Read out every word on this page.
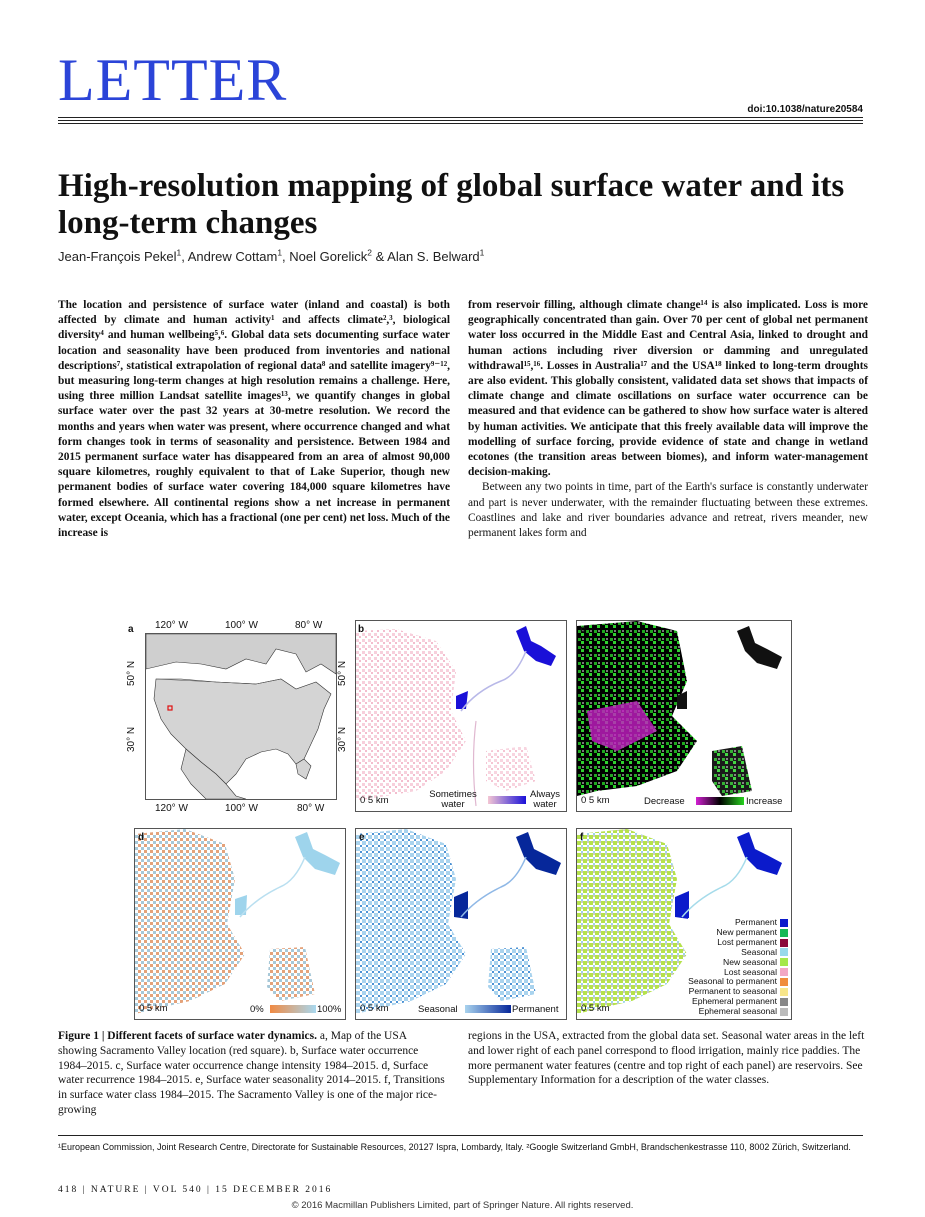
LETTER	doi:10.1038/nature20584
High-resolution mapping of global surface water and its long-term changes
Jean-François Pekel$^1$, Andrew Cottam$^1$, Noel Gorelick$^2$ & Alan S. Belward$^1$

The location and persistence of surface water (inland and coastal) is both affected by climate and human activity¹ and affects climate²,³, biological diversity⁴ and human wellbeing⁵,⁶. Global data sets documenting surface water location and seasonality have been produced from inventories and national descriptions⁷, statistical extrapolation of regional data⁸ and satellite imagery⁹⁻¹², but measuring long-term changes at high resolution remains a challenge. Here, using three million Landsat satellite images¹³, we quantify changes in global surface water over the past 32 years at 30-metre resolution. We record the months and years when water was present, where occurrence changed and what form changes took in terms of seasonality and persistence. Between 1984 and 2015 permanent surface water has disappeared from an area of almost 90,000 square kilometres, roughly equivalent to that of Lake Superior, though new permanent bodies of surface water covering 184,000 square kilometres have formed elsewhere. All continental regions show a net increase in permanent water, except Oceania, which has a fractional (one per cent) net loss. Much of the increase is

from reservoir filling, although climate change¹⁴ is also implicated. Loss is more geographically concentrated than gain. Over 70 per cent of global net permanent water loss occurred in the Middle East and Central Asia, linked to drought and human actions including river diversion or damming and unregulated withdrawal¹⁵,¹⁶. Losses in Australia¹⁷ and the USA¹⁸ linked to long-term droughts are also evident. This globally consistent, validated data set shows that impacts of climate change and climate oscillations on surface water occurrence can be measured and that evidence can be gathered to show how surface water is altered by human activities. We anticipate that this freely available data will improve the modelling of surface forcing, provide evidence of state and change in wetland ecotones (the transition areas between biomes), and inform water-management decision-making.

Between any two points in time, part of the Earth's surface is constantly underwater and part is never underwater, with the remainder fluctuating between these extremes. Coastlines and lake and river boundaries advance and retreat, rivers meander, new permanent lakes form and

a 120° W	100° W	80° W
120° W	100° W	80° W
50° N
30° N
b
50° N
30° N
0 5 km
Sometimes water
Always water
c
0 5 km	Decrease	Increase
d
0 5 km	0%	100%
e
0 5 km	Seasonal	Permanent
f
0 5 km
Permanent
New permanent
Lost permanent
Seasonal
New seasonal
Lost seasonal
Seasonal to permanent
Permanent to seasonal
Ephemeral permanent
Ephemeral seasonal
Figure 1 | Different facets of surface water dynamics. a, Map of the USA showing Sacramento Valley location (red square). b, Surface water occurrence 1984–2015. c, Surface water occurrence change intensity 1984–2015. d, Surface water recurrence 1984–2015. e, Surface water seasonality 2014–2015. f, Transitions in surface water class 1984–2015. The Sacramento Valley is one of the major rice-growing
regions in the USA, extracted from the global data set. Seasonal water areas in the left and lower right of each panel correspond to flood irrigation, mainly rice paddies. The more permanent water features (centre and top right of each panel) are reservoirs. See Supplementary Information for a description of the water classes.
¹European Commission, Joint Research Centre, Directorate for Sustainable Resources, 20127 Ispra, Lombardy, Italy. ²Google Switzerland GmbH, Brandschenkestrasse 110, 8002 Zürich, Switzerland.
418 | NATURE | VOL 540 | 15 DECEMBER 2016
© 2016 Macmillan Publishers Limited, part of Springer Nature. All rights reserved.
